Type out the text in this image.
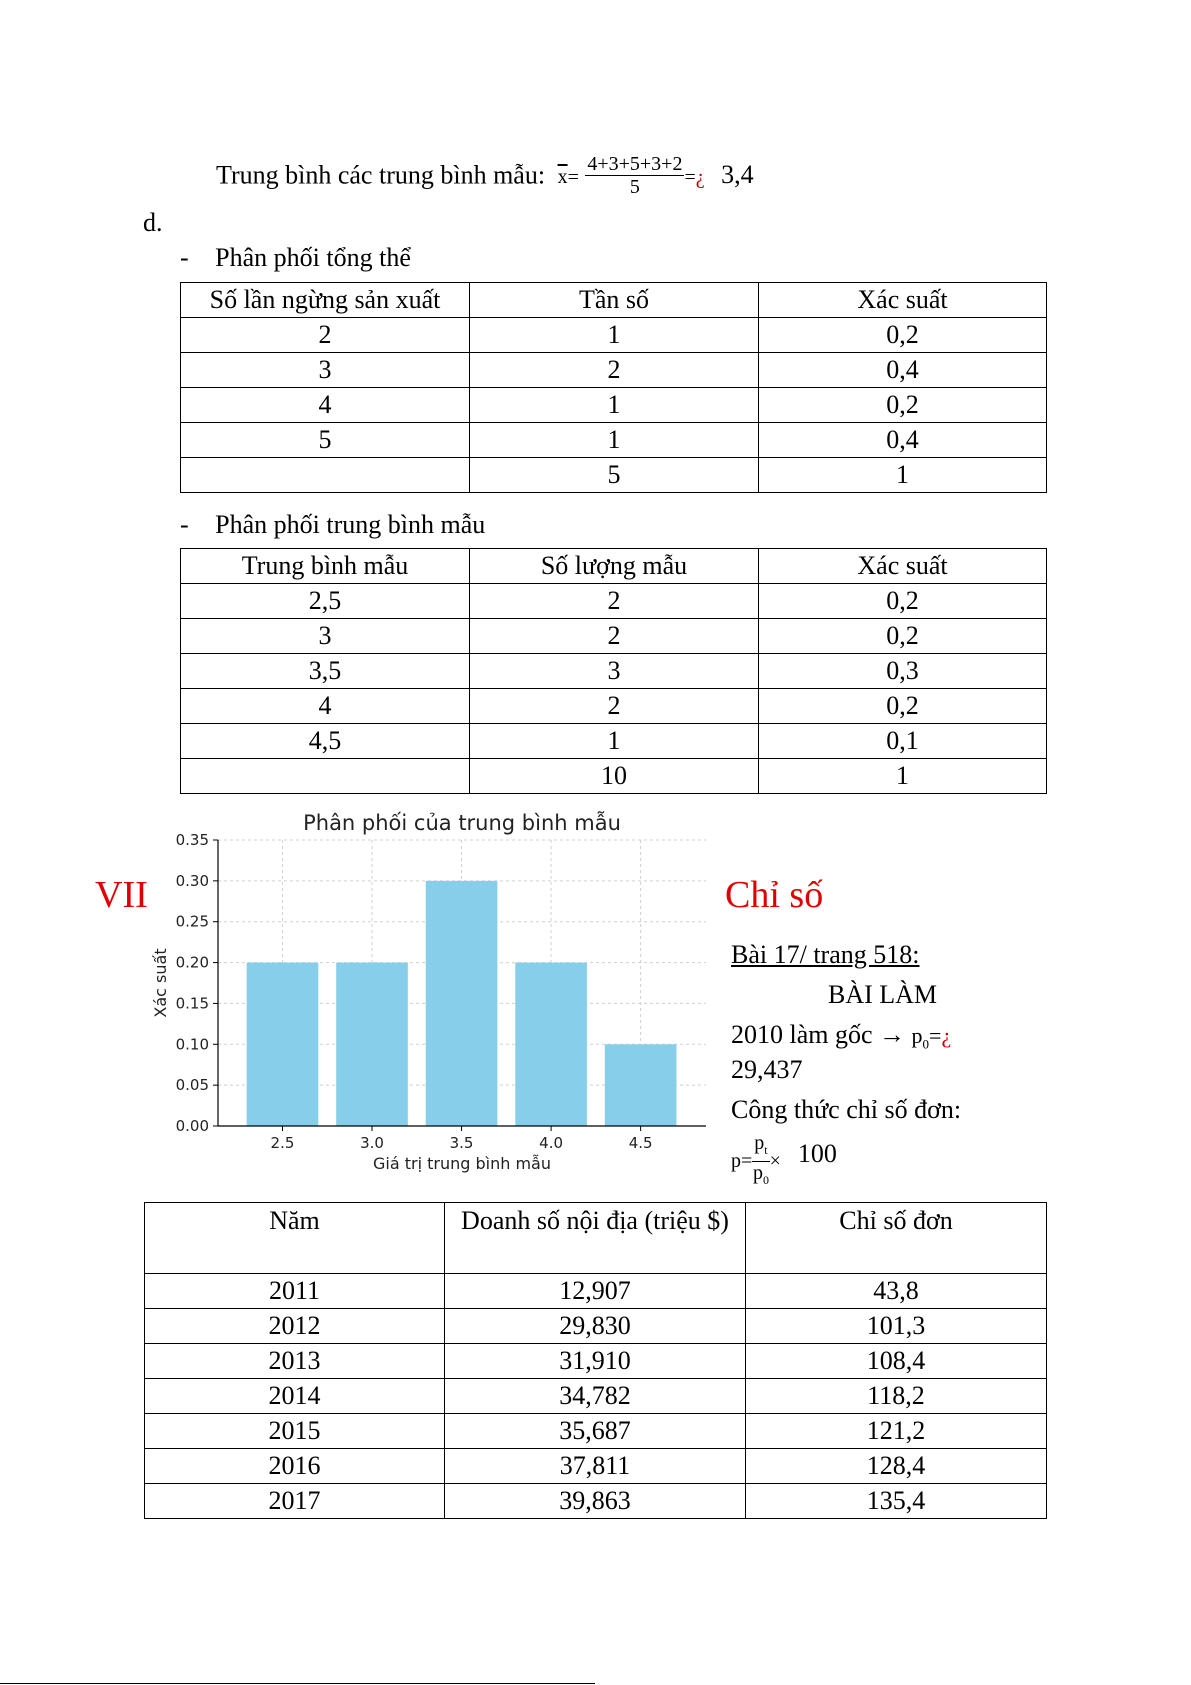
Trung bình các trung bình mẫu: $\overline{x}= \frac{4+3+5+3+2}{5}$ =¿ 3,4
d.
- Phân phối tổng thể
Số lần ngừng sản xuất	Tần số	Xác suất
2	1	0,2
3	2	0,4
4	1	0,2
5	1	0,4
	5	1
- Phân phối trung bình mẫu
Trung bình mẫu	Số lượng mẫu	Xác suất
2,5	2	0,2
3	2	0,2
3,5	3	0,3
4	2	0,2
4,5	1	0,1
	10	1
Phân phối của trung bình mẫu
0.00
0.05
0.10
0.15
0.20
0.25
0.30
0.35
2.5	3.0	3.5	4.0	4.5
Giá trị trung bình mẫu
Xác suất
VII	Chỉ số
Bài 17/ trang 518:
BÀI LÀM
2010 làm gốc → $p_0=¿$
29,437
Công thức chỉ số đơn:
$p= \frac{p_t}{p_0} \times 100$
Năm	Doanh số nội địa (triệu $)	Chỉ số đơn
2011	12,907	43,8
2012	29,830	101,3
2013	31,910	108,4
2014	34,782	118,2
2015	35,687	121,2
2016	37,811	128,4
2017	39,863	135,4
